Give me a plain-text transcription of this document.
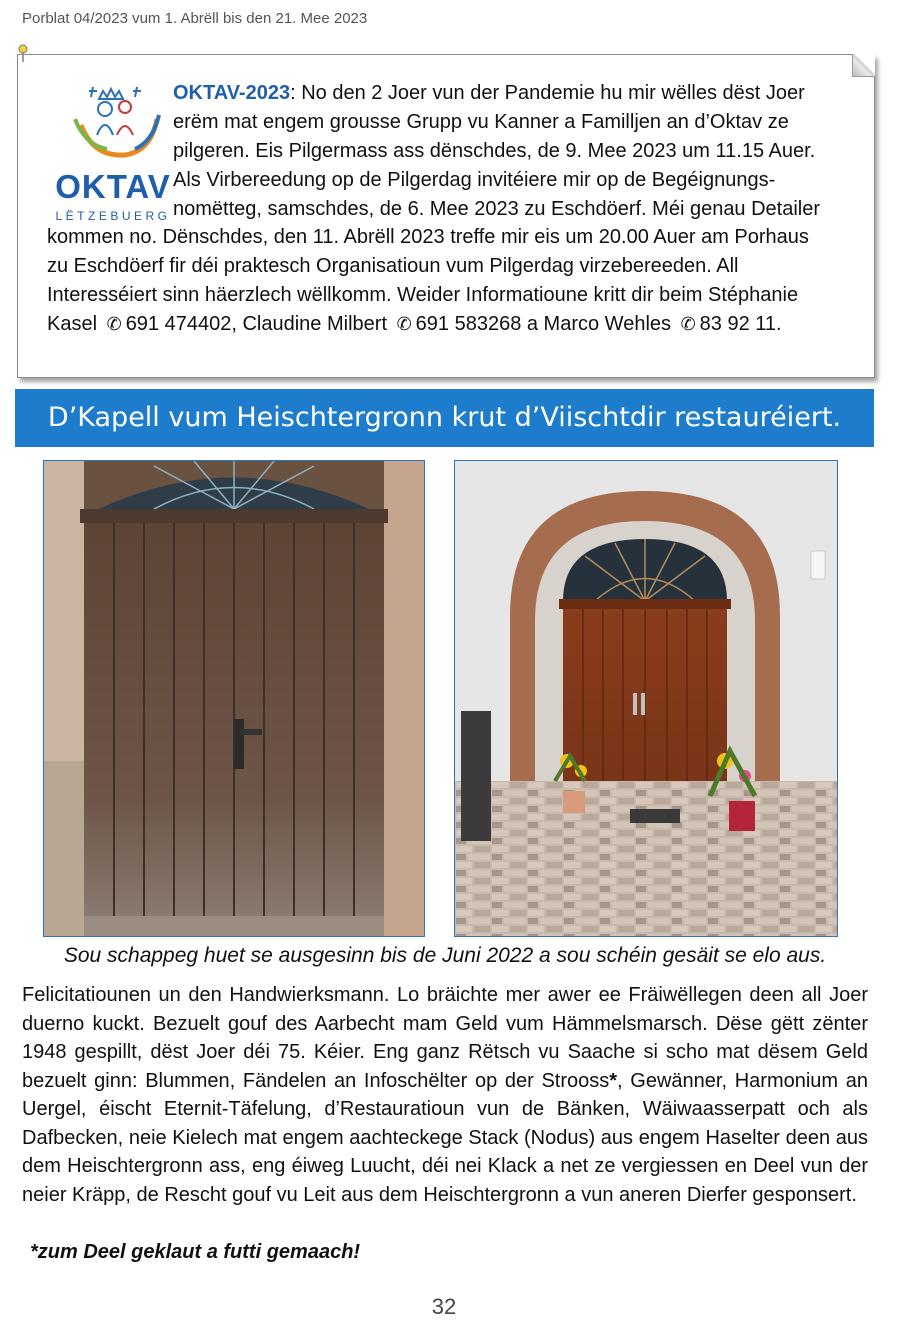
Porblat 04/2023 vum 1. Abrëll bis den 21. Mee 2023
OKTAV
LËTZEBUERG
OKTAV-2023: No den 2 Joer vun der Pandemie hu mir wëlles dëst Joer
erëm mat engem grousse Grupp vu Kanner a Familljen an d’Oktav ze
pilgeren. Eis Pilgermass ass dënschdes, de 9. Mee 2023 um 11.15 Auer.
Als Virbereedung op de Pilgerdag invitéiere mir op de Begéignungs-
nomëtteg, samschdes, de 6. Mee 2023 zu Eschdöerf. Méi genau Detailer
kommen no. Dënschdes, den 11. Abrëll 2023 treffe mir eis um 20.00 Auer am Porhaus
zu Eschdöerf fir déi praktesch Organisatioun vum Pilgerdag virzebereeden. All
Interesséiert sinn häerzlech wëllkomm. Weider Informatioune kritt dir beim Stéphanie
Kasel ✆ 691 474402, Claudine Milbert ✆ 691 583268 a Marco Wehles ✆ 83 92 11.
D’Kapell vum Heischtergronn krut d’Viischtdir restauréiert.
Sou schappeg huet se ausgesinn bis de Juni 2022 a sou schéin gesäit se elo aus.
Felicitatiounen un den Handwierksmann. Lo bräichte mer awer ee Fräiwëllegen deen all Joer duerno kuckt. Bezuelt gouf des Aarbecht mam Geld vum Hämmelsmarsch. Dëse gëtt zënter 1948 gespillt, dëst Joer déi 75. Kéier. Eng ganz Rëtsch vu Saache si scho mat dësem Geld bezuelt ginn: Blummen, Fändelen an Infoschëlter op der Strooss*, Gewänner, Harmonium an Uergel, éischt Eternit-Täfelung, d’Restauratioun vun de Bänken, Wäiwaasserpatt och als Dafbecken, neie Kielech mat engem aachteckege Stack (Nodus) aus engem Haselter deen aus dem Heischtergronn ass, eng éiweg Luucht, déi nei Klack a net ze vergiessen en Deel vun der neier Kräpp, de Rescht gouf vu Leit aus dem Heischtergronn a vun aneren Dierfer gesponsert.
*zum Deel geklaut a futti gemaach!
32
